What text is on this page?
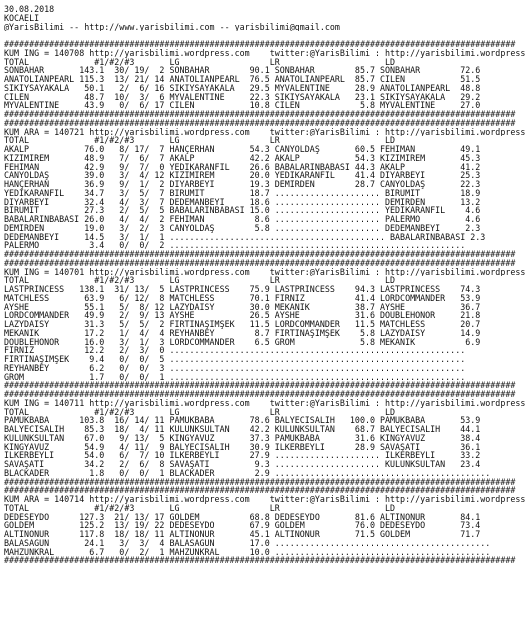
30.08.2018
KOCAELİ
@YarisBilimi -- http://www.yarisbilimi.com -- yarisbilimi@gmail.com
######################################################################################################
KUM İNG = 140708 http://yarisbilimi.wordpress.com    twitter:@YarisBilimi : http://yarisbilimi.wordpress
TOTAL             #1/#2/#3       LG                  LR                     LD
SONBAHAR       143.1  30/ 19/  2 SONBAHAR        90.1 SONBAHAR        85.7 SONBAHAR        72.6
ANATOLIANPEARL 115.3  13/ 21/ 14 ANATOLIANPEARL  76.5 ANATOLIANPEARL  85.7 CİLEN           51.5
SIKIYSAYAKALA   50.1   2/  6/ 16 SIKIYSAYAKALA   29.5 MYVALENTINE     28.9 ANATOLIANPEARL  48.8
CİLEN           48.7  10/  3/  6 MYVALENTINE     22.3 SIKIYSAYAKALA   23.1 SIKIYSAYAKALA   29.2
MYVALENTINE     43.9   0/  6/ 17 CİLEN           10.8 CİLEN            5.8 MYVALENTINE     27.0
######################################################################################################
######################################################################################################
KUM ARA = 140721 http://yarisbilimi.wordpress.com    twitter:@YarisBilimi : http://yarisbilimi.wordpress
TOTAL             #1/#2/#3       LG                  LR                     LD
AKALP           76.0   8/ 17/  7 HANÇERHAN       54.3 CANYOLDAŞ       60.5 FEHİMAN         49.1
KIZIMİREM       48.9   7/  6/  7 AKALP           42.2 AKALP           54.3 KIZIMİREM       45.3
FEHİMAN         42.9   9/  7/  0 YEDİKARANFİL    26.6 BABALARINBABASI 44.3 AKALP           41.2
CANYOLDAŞ       39.0   3/  4/ 12 KIZIMİREM       20.0 YEDİKARANFİL    41.4 DİYARBEYİ       25.3
HANÇERHAN       36.9   9/  1/  2 DİYARBEYİ       19.3 DEMİRDEN        28.7 CANYOLDAŞ       22.3
YEDİKARANFİL    34.7   3/  5/  7 BİRÜMİT         18.7 ..................... BİRÜMİT        18.9
DİYARBEYİ       32.4   4/  3/  7 DEDEMANBEYİ     18.6 ..................... DEMİRDEN       13.2
BİRÜMİT         27.3   2/  5/  5 BABALARINBABASI 15.0 ..................... YEDİKARANFİL    4.6
BABALARINBABASI 26.0   4/  4/  2 FEHİMAN          8.6 ..................... PALERMO         4.6
DEMİRDEN        19.0   3/  2/  3 CANYOLDAŞ        5.8 ..................... DEDEMANBEYİ     2.3
DEDEMANBEYİ     14.5   3/  1/  1 ........................................... BABALARINBABASI 2.3
PALERMO          3.4   0/  0/  2 ...........................................................
######################################################################################################
######################################################################################################
KUM İNG = 140701 http://yarisbilimi.wordpress.com    twitter:@YarisBilimi : http://yarisbilimi.wordpress
TOTAL             #1/#2/#3       LG                  LR                     LD
LASTPRINCESS   138.1  31/ 13/  5 LASTPRINCESS    75.9 LASTPRINCESS    94.3 LASTPRINCESS    74.3
MATCHLESS       63.9   6/ 12/  8 MATCHLESS       70.1 FIRNIZ          41.4 LORDCOMMANDER   53.9
AYSHE           55.1   5/  8/ 12 LAZYDAISY       30.0 MEKANİK         38.7 AYSHE           36.7
LORDCOMMANDER   49.9   2/  9/ 13 AYSHE           26.5 AYSHE           31.6 DOUBLEHONOR     21.8
LAZYDAISY       31.3   5/  5/  2 FIRTINAŞİMŞEK   11.5 LORDCOMMANDER   11.5 MATCHLESS       20.7
MEKANİK         17.2   1/  4/  4 REYHANBEY        8.7 FIRTINAŞİMŞEK    5.8 LAZYDAISY       14.9
DOUBLEHONOR     16.0   3/  1/  3 LORDCOMMANDER    6.5 GROM             5.8 MEKANİK          6.9
FIRNIZ          12.2   2/  3/  0 ...........................................................
FIRTINAŞİMŞEK    9.4   0/  0/  5 ...........................................................
REYHANBEY        6.2   0/  0/  3 ...........................................................
GROM             1.7   0/  0/  1 ...........................................................
######################################################################################################
######################################################################################################
KUM İNG = 140711 http://yarisbilimi.wordpress.com    twitter:@YarisBilimi : http://yarisbilimi.wordpress
TOTAL             #1/#2/#3       LG                  LR                     LD
PAMUKBABA      103.8  16/ 14/ 11 PAMUKBABA       78.6 BALYECİSALİH   100.0 PAMUKBABA       53.9
BALYECİSALİH    85.3  18/  4/ 11 KÜLÜNKSULTAN    42.2 KÜLÜNKSULTAN    68.7 BALYECİSALİH    44.1
KÜLÜNKSULTAN    67.0   9/ 13/  5 KINGYAVUZ       37.3 PAMUKBABA       31.6 KINGYAVUZ       38.4
KINGYAVUZ       54.9   4/ 11/  9 BALYECİSALİH    30.9 İLKERBEYLİ      28.9 SAVAŞATI        36.1
İLKERBEYLİ      54.0   6/  7/ 10 İLKERBEYLİ      27.9 ..................... İLKERBEYLİ     33.2
SAVAŞATI        34.2   2/  6/  8 SAVAŞATI         9.3 ..................... KÜLÜNKSULTAN   23.4
BLACKADER        1.8   0/  0/  1 BLACKADER        2.9 ...........................................
######################################################################################################
######################################################################################################
KUM ARA = 140714 http://yarisbilimi.wordpress.com    twitter:@YarisBilimi : http://yarisbilimi.wordpress
TOTAL             #1/#2/#3       LG                  LR                     LD
DEDESEYDO      127.3  21/ 13/ 17 GÖLDEM          68.8 DEDESEYDO       81.6 ALTINONUR       84.1
GÖLDEM         125.2  13/ 19/ 22 DEDESEYDO       67.9 GÖLDEM          76.0 DEDESEYDO       73.4
ALTINONUR      117.8  18/ 18/ 11 ALTINONUR       45.1 ALTINONUR       71.5 GÖLDEM          71.7
BALASAGUN       24.1   3/  3/  4 BALASAGUN       17.0 ...........................................
MAHZUNKRAL       6.7   0/  2/  1 MAHZUNKRAL      10.0 ...........................................
######################################################################################################
